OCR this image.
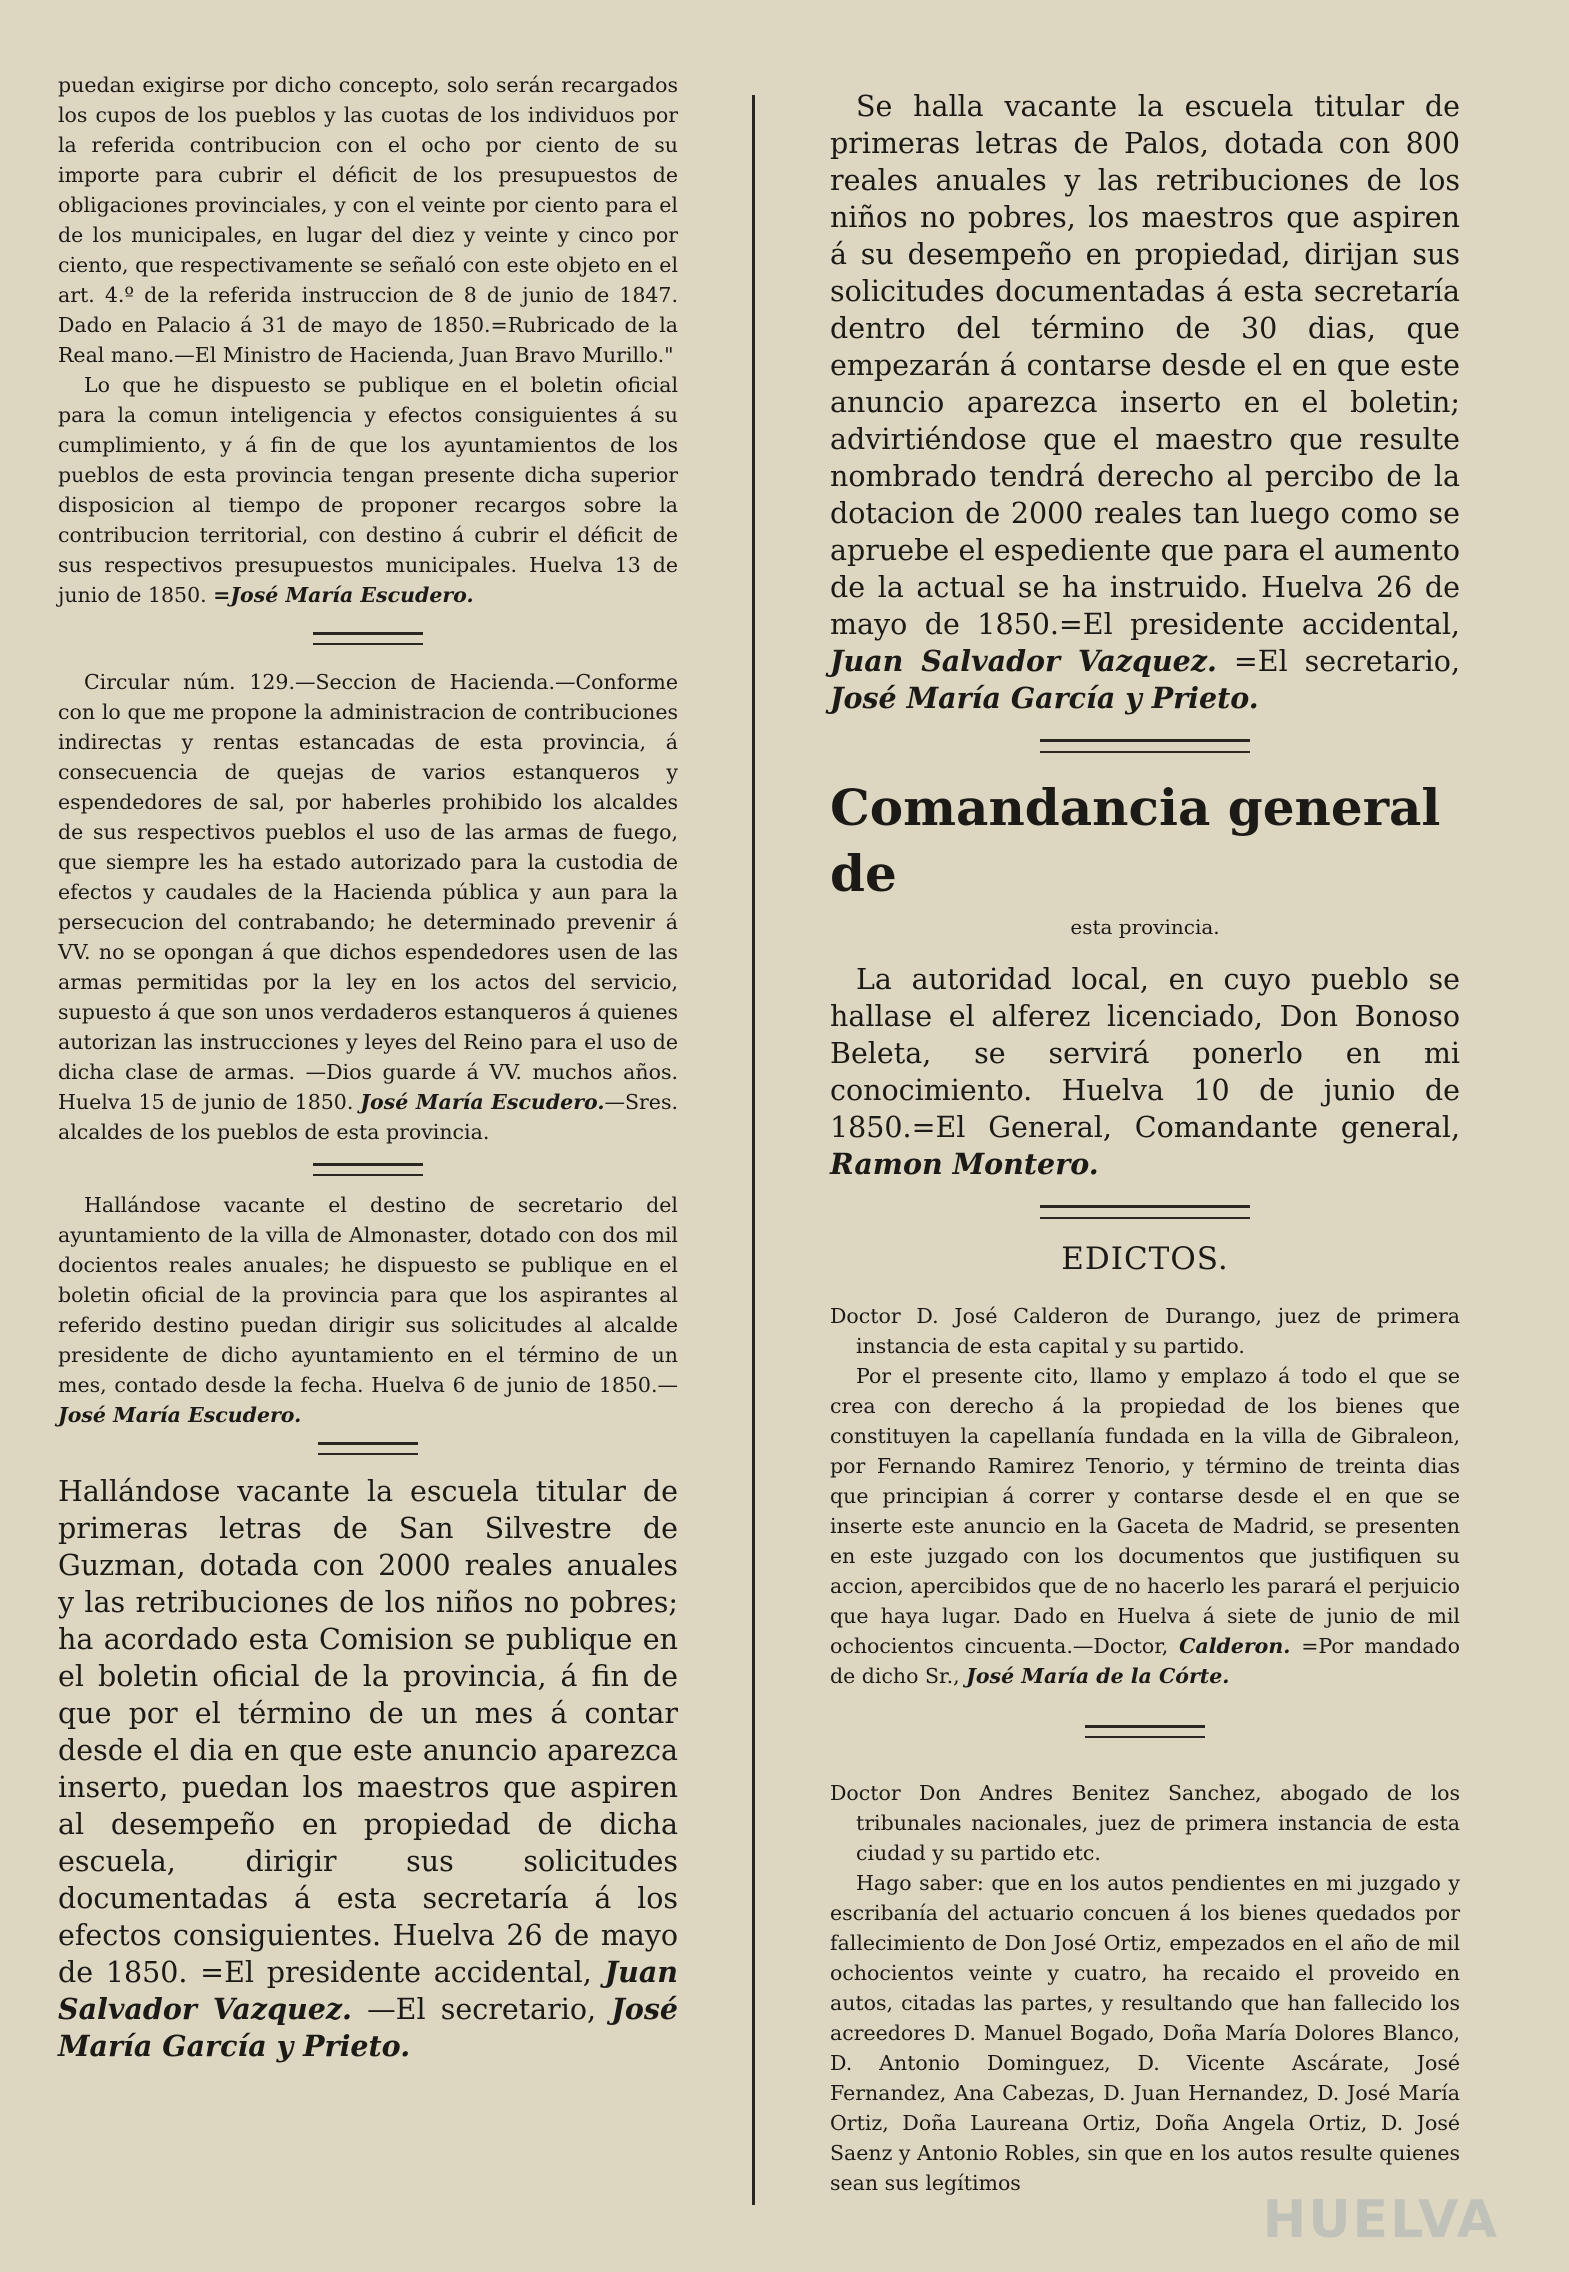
puedan exigirse por dicho concepto, solo serán recargados los cupos de los pueblos y las cuotas de los individuos por la referida contribucion con el ocho por ciento de su importe para cubrir el déficit de los presupuestos de obligaciones provinciales, y con el veinte por ciento para el de los municipales, en lugar del diez y veinte y cinco por ciento, que respectivamente se señaló con este objeto en el art. 4.º de la referida instruccion de 8 de junio de 1847. Dado en Palacio á 31 de mayo de 1850.=Rubricado de la Real mano.—El Ministro de Hacienda, Juan Bravo Murillo."

Lo que he dispuesto se publique en el boletin oficial para la comun inteligencia y efectos consiguientes á su cumplimiento, y á fin de que los ayuntamientos de los pueblos de esta provincia tengan presente dicha superior disposicion al tiempo de proponer recargos sobre la contribucion territorial, con destino á cubrir el déficit de sus respectivos presupuestos municipales. Huelva 13 de junio de 1850. =José María Escudero.

Circular núm. 129.—Seccion de Hacienda.—Conforme con lo que me propone la administracion de contribuciones indirectas y rentas estancadas de esta provincia, á consecuencia de quejas de varios estanqueros y espendedores de sal, por haberles prohibido los alcaldes de sus respectivos pueblos el uso de las armas de fuego, que siempre les ha estado autorizado para la custodia de efectos y caudales de la Hacienda pública y aun para la persecucion del contrabando; he determinado prevenir á VV. no se opongan á que dichos espendedores usen de las armas permitidas por la ley en los actos del servicio, supuesto á que son unos verdaderos estanqueros á quienes autorizan las instrucciones y leyes del Reino para el uso de dicha clase de armas. —Dios guarde á VV. muchos años. Huelva 15 de junio de 1850. José María Escudero.—Sres. alcaldes de los pueblos de esta provincia.

Hallándose vacante el destino de secretario del ayuntamiento de la villa de Almonaster, dotado con dos mil docientos reales anuales; he dispuesto se publique en el boletin oficial de la provincia para que los aspirantes al referido destino puedan dirigir sus solicitudes al alcalde presidente de dicho ayuntamiento en el término de un mes, contado desde la fecha. Huelva 6 de junio de 1850.—José María Escudero.

Hallándose vacante la escuela titular de primeras letras de San Silvestre de Guzman, dotada con 2000 reales anuales y las retribuciones de los niños no pobres; ha acordado esta Comision se publique en el boletin oficial de la provincia, á fin de que por el término de un mes á contar desde el dia en que este anuncio aparezca inserto, puedan los maestros que aspiren al desempeño en propiedad de dicha escuela, dirigir sus solicitudes documentadas á esta secretaría á los efectos consiguientes. Huelva 26 de mayo de 1850. =El presidente accidental, Juan Salvador Vazquez. —El secretario, José María García y Prieto.

Se halla vacante la escuela titular de primeras letras de Palos, dotada con 800 reales anuales y las retribuciones de los niños no pobres, los maestros que aspiren á su desempeño en propiedad, dirijan sus solicitudes documentadas á esta secretaría dentro del término de 30 dias, que empezarán á contarse desde el en que este anuncio aparezca inserto en el boletin; advirtiéndose que el maestro que resulte nombrado tendrá derecho al percibo de la dotacion de 2000 reales tan luego como se apruebe el espediente que para el aumento de la actual se ha instruido. Huelva 26 de mayo de 1850.=El presidente accidental, Juan Salvador Vazquez. =El secretario, José María García y Prieto.

Comandancia general de
esta provincia.

La autoridad local, en cuyo pueblo se hallase el alferez licenciado, Don Bonoso Beleta, se servirá ponerlo en mi conocimiento. Huelva 10 de junio de 1850.=El General, Comandante general, Ramon Montero.

EDICTOS.

Doctor D. José Calderon de Durango, juez de primera instancia de esta capital y su partido.

Por el presente cito, llamo y emplazo á todo el que se crea con derecho á la propiedad de los bienes que constituyen la capellanía fundada en la villa de Gibraleon, por Fernando Ramirez Tenorio, y término de treinta dias que principian á correr y contarse desde el en que se inserte este anuncio en la Gaceta de Madrid, se presenten en este juzgado con los documentos que justifiquen su accion, apercibidos que de no hacerlo les parará el perjuicio que haya lugar. Dado en Huelva á siete de junio de mil ochocientos cincuenta.—Doctor, Calderon. =Por mandado de dicho Sr., José María de la Córte.

Doctor Don Andres Benitez Sanchez, abogado de los tribunales nacionales, juez de primera instancia de esta ciudad y su partido etc.

Hago saber: que en los autos pendientes en mi juzgado y escribanía del actuario concuen á los bienes quedados por fallecimiento de Don José Ortiz, empezados en el año de mil ochocientos veinte y cuatro, ha recaido el proveido en autos, citadas las partes, y resultando que han fallecido los acreedores D. Manuel Bogado, Doña María Dolores Blanco, D. Antonio Dominguez, D. Vicente Ascárate, José Fernandez, Ana Cabezas, D. Juan Hernandez, D. José María Ortiz, Doña Laureana Ortiz, Doña Angela Ortiz, D. José Saenz y Antonio Robles, sin que en los autos resulte quienes sean sus legítimos

HUELVA
